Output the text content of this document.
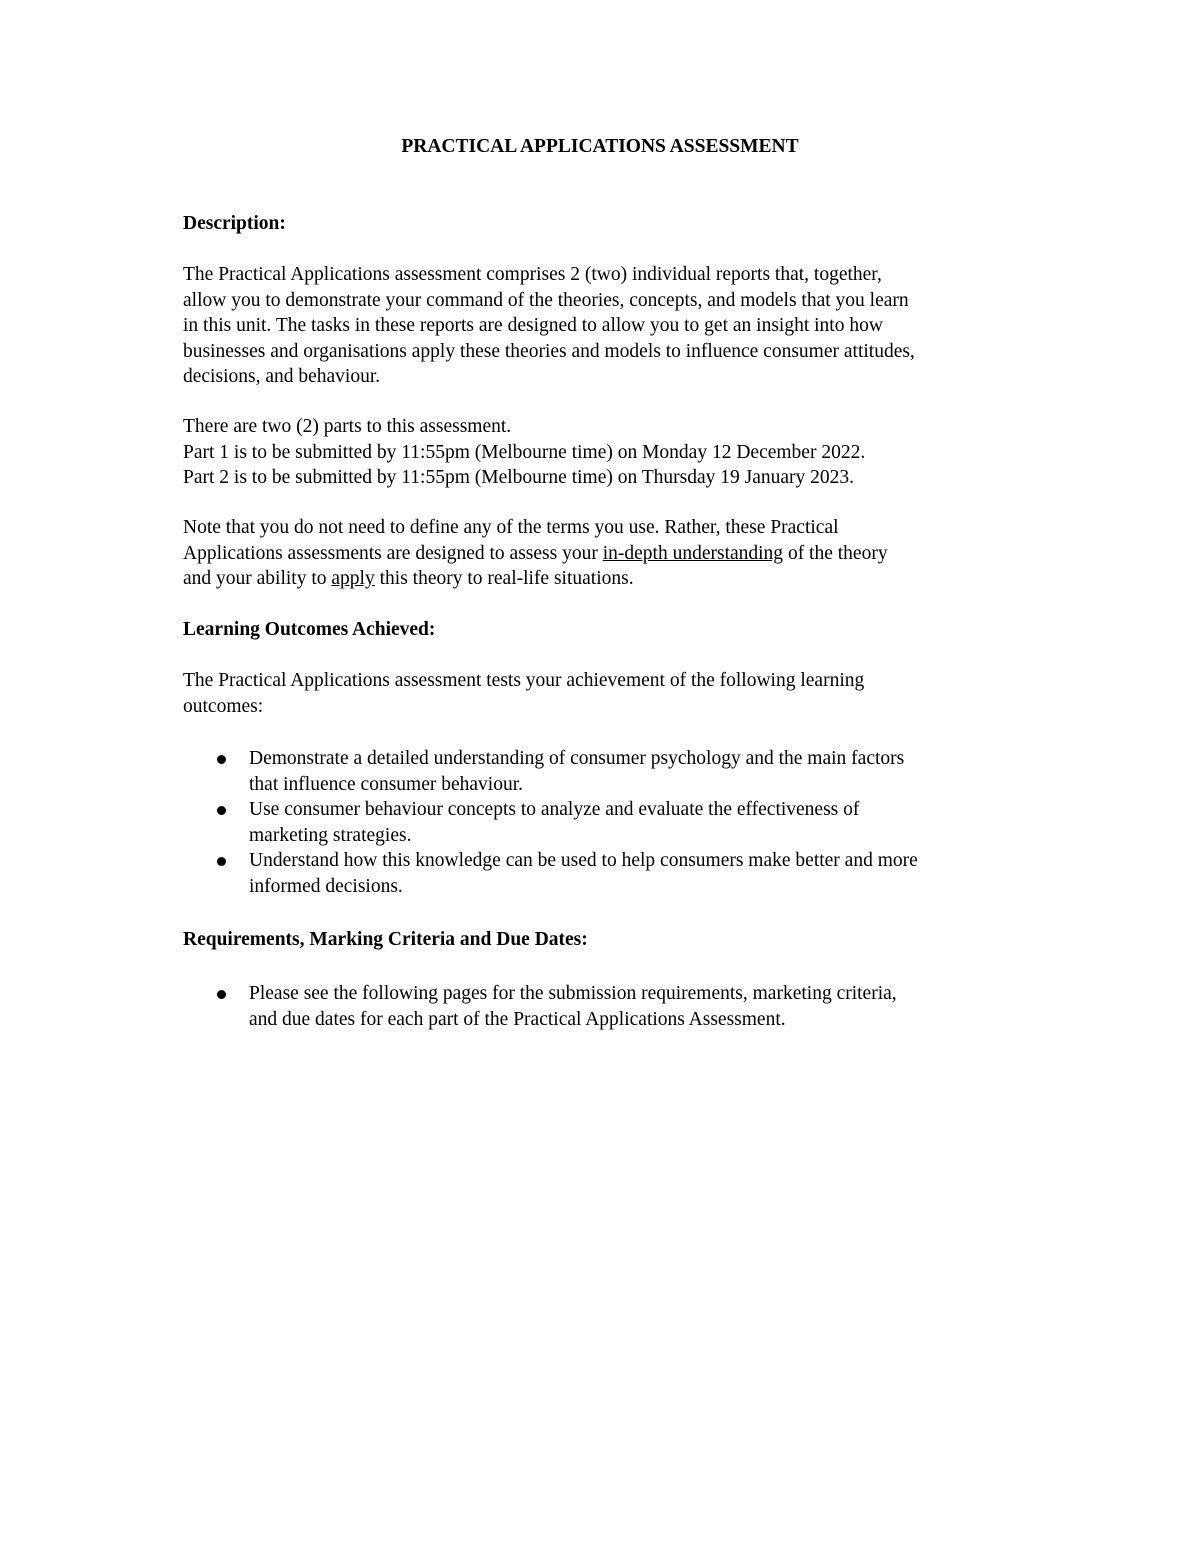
PRACTICAL APPLICATIONS ASSESSMENT

Description:

The Practical Applications assessment comprises 2 (two) individual reports that, together,
allow you to demonstrate your command of the theories, concepts, and models that you learn
in this unit. The tasks in these reports are designed to allow you to get an insight into how
businesses and organisations apply these theories and models to influence consumer attitudes,
decisions, and behaviour.

There are two (2) parts to this assessment.
Part 1 is to be submitted by 11:55pm (Melbourne time) on Monday 12 December 2022.
Part 2 is to be submitted by 11:55pm (Melbourne time) on Thursday 19 January 2023.

Note that you do not need to define any of the terms you use. Rather, these Practical
Applications assessments are designed to assess your in-depth understanding of the theory
and your ability to apply this theory to real-life situations.

Learning Outcomes Achieved:

The Practical Applications assessment tests your achievement of the following learning
outcomes:

Demonstrate a detailed understanding of consumer psychology and the main factors
that influence consumer behaviour.
Use consumer behaviour concepts to analyze and evaluate the effectiveness of
marketing strategies.
Understand how this knowledge can be used to help consumers make better and more
informed decisions.

Requirements, Marking Criteria and Due Dates:

Please see the following pages for the submission requirements, marketing criteria,
and due dates for each part of the Practical Applications Assessment.
